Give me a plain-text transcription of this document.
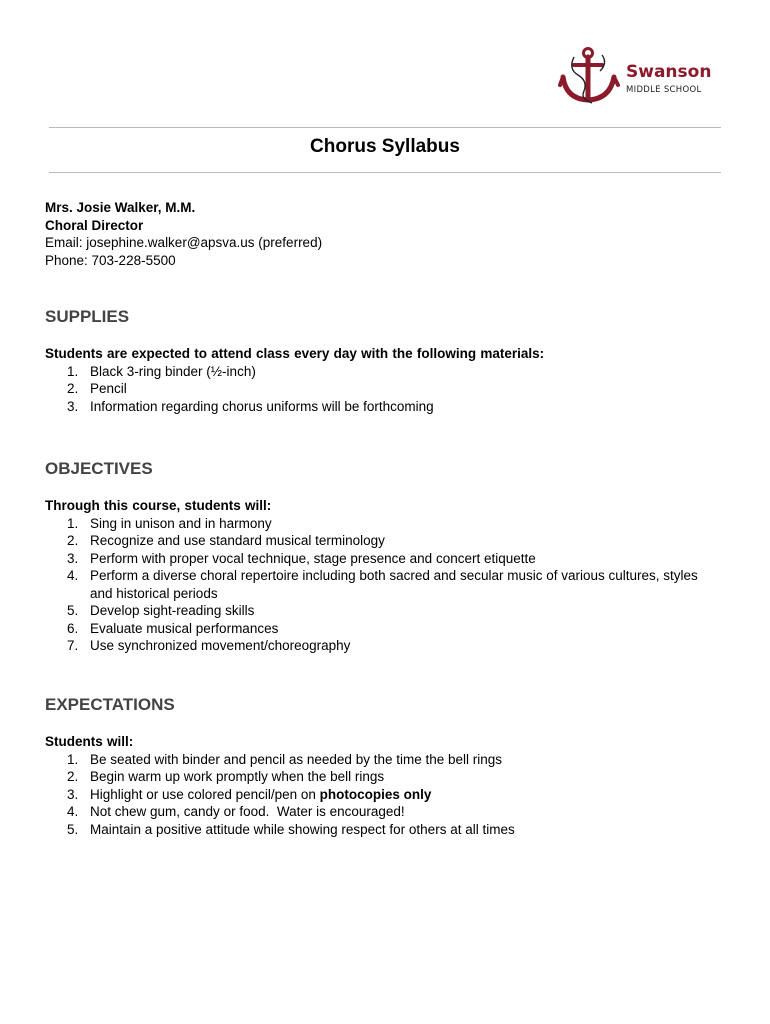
Swanson
MIDDLE SCHOOL
Chorus Syllabus
Mrs. Josie Walker, M.M.
Choral Director
Email: josephine.walker@apsva.us (preferred)
Phone: 703-228-5500
SUPPLIES
Students are expected to attend class every day with the following materials:
1. Black 3-ring binder (½-inch)
2. Pencil
3. Information regarding chorus uniforms will be forthcoming
OBJECTIVES
Through this course, students will:
1. Sing in unison and in harmony
2. Recognize and use standard musical terminology
3. Perform with proper vocal technique, stage presence and concert etiquette
4. Perform a diverse choral repertoire including both sacred and secular music of various cultures, styles and historical periods
5. Develop sight-reading skills
6. Evaluate musical performances
7. Use synchronized movement/choreography
EXPECTATIONS
Students will:
1. Be seated with binder and pencil as needed by the time the bell rings
2. Begin warm up work promptly when the bell rings
3. Highlight or use colored pencil/pen on photocopies only
4. Not chew gum, candy or food.  Water is encouraged!
5. Maintain a positive attitude while showing respect for others at all times
